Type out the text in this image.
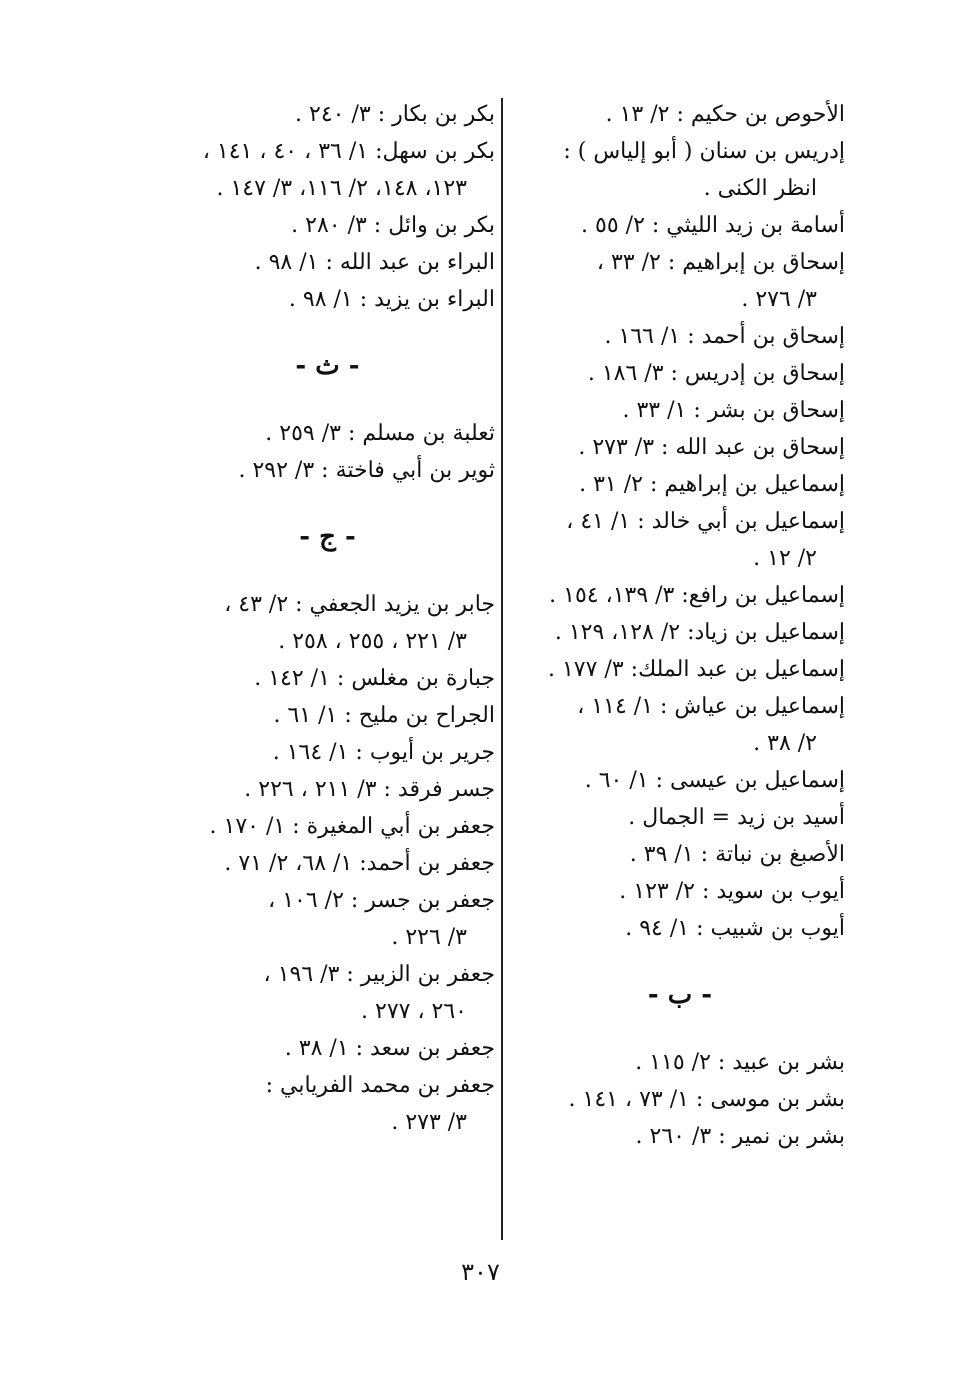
الأحوص بن حكيم : ٢/ ١٣ .
إدريس بن سنان ( أبو إلياس ) :
انظر الكنى .
أسامة بن زيد الليثي : ٢/ ٥٥ .
إسحاق بن إبراهيم : ٢/ ٣٣ ،
٣/ ٢٧٦ .
إسحاق بن أحمد : ١/ ١٦٦ .
إسحاق بن إدريس : ٣/ ١٨٦ .
إسحاق بن بشر : ١/ ٣٣ .
إسحاق بن عبد الله : ٣/ ٢٧٣ .
إسماعيل بن إبراهيم : ٢/ ٣١ .
إسماعيل بن أبي خالد : ١/ ٤١ ،
٢/ ١٢ .
إسماعيل بن رافع: ٣/ ١٣٩، ١٥٤ .
إسماعيل بن زياد: ٢/ ١٢٨، ١٢٩ .
إسماعيل بن عبد الملك: ٣/ ١٧٧ .
إسماعيل بن عياش : ١/ ١١٤ ،
٢/ ٣٨ .
إسماعيل بن عيسى : ١/ ٦٠ .
أسيد بن زيد = الجمال .
الأصبغ بن نباتة : ١/ ٣٩ .
أيوب بن سويد : ٢/ ١٢٣ .
أيوب بن شبيب : ١/ ٩٤ .
- ب -
بشر بن عبيد : ٢/ ١١٥ .
بشر بن موسى : ١/ ٧٣ ، ١٤١ .
بشر بن نمير : ٣/ ٢٦٠ .
بكر بن بكار : ٣/ ٢٤٠ .
بكر بن سهل: ١/ ٣٦ ، ٤٠ ، ١٤١ ،
١٢٣، ١٤٨، ٢/ ١١٦، ٣/ ١٤٧ .
بكر بن وائل : ٣/ ٢٨٠ .
البراء بن عبد الله : ١/ ٩٨ .
البراء بن يزيد : ١/ ٩٨ .
- ث -
ثعلبة بن مسلم : ٣/ ٢٥٩ .
ثوير بن أبي فاختة : ٣/ ٢٩٢ .
- ج -
جابر بن يزيد الجعفي : ٢/ ٤٣ ،
٣/ ٢٢١ ، ٢٥٥ ، ٢٥٨ .
جبارة بن مغلس : ١/ ١٤٢ .
الجراح بن مليح : ١/ ٦١ .
جرير بن أيوب : ١/ ١٦٤ .
جسر فرقد : ٣/ ٢١١ ، ٢٢٦ .
جعفر بن أبي المغيرة : ١/ ١٧٠ .
جعفر بن أحمد: ١/ ٦٨، ٢/ ٧١ .
جعفر بن جسر : ٢/ ١٠٦ ،
٣/ ٢٢٦ .
جعفر بن الزبير : ٣/ ١٩٦ ،
٢٦٠ ، ٢٧٧ .
جعفر بن سعد : ١/ ٣٨ .
جعفر بن محمد الفريابي :
٣/ ٢٧٣ .
٣٠٧
